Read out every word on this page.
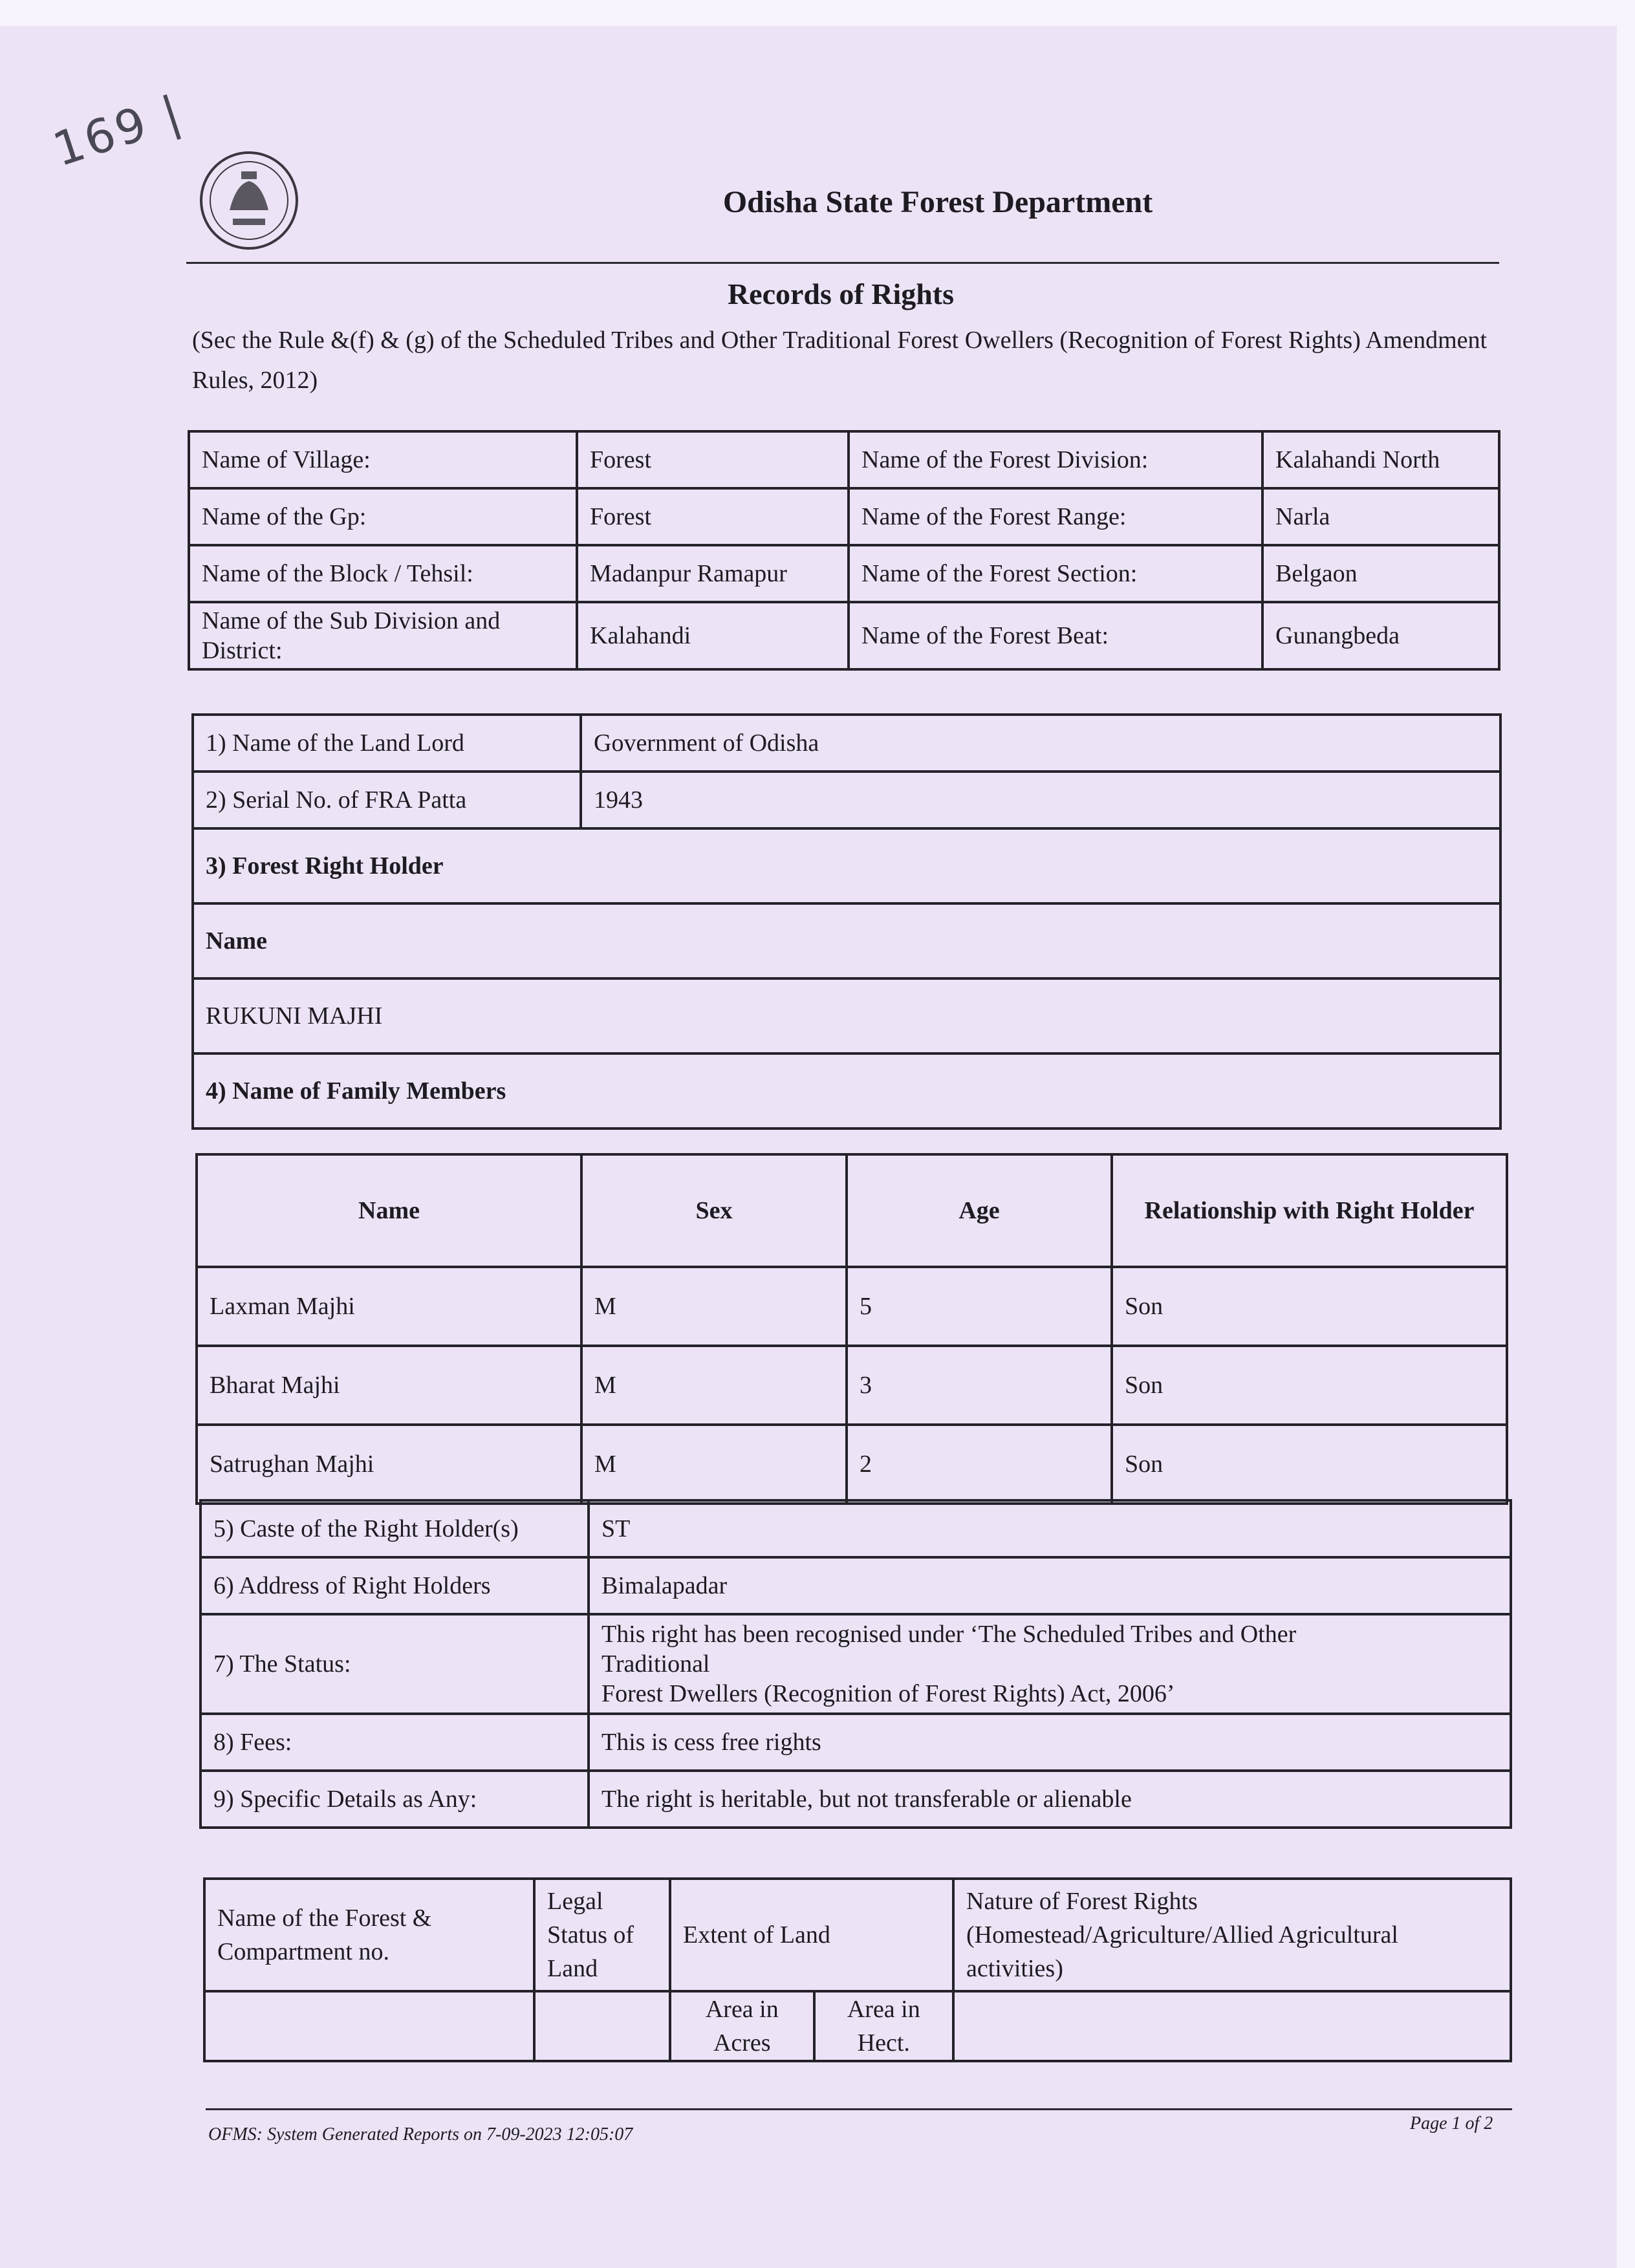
169 |
Odisha State Forest Department
Records of Rights
(Sec the Rule &(f) & (g) of the Scheduled Tribes and Other Traditional Forest Owellers (Recognition of Forest Rights) Amendment Rules, 2012)
Name of Village:	Forest	Name of the Forest Division:	Kalahandi North
Name of the Gp:	Forest	Name of the Forest Range:	Narla
Name of the Block / Tehsil:	Madanpur Ramapur	Name of the Forest Section:	Belgaon
Name of the Sub Division and District:	Kalahandi	Name of the Forest Beat:	Gunangbeda
1) Name of the Land Lord	Government of Odisha
2) Serial No. of FRA Patta	1943
3) Forest Right Holder	
Name	
RUKUNI MAJHI	
4) Name of Family Members	
Name	Sex	Age	Relationship with Right Holder
Laxman Majhi	M	5	Son
Bharat Majhi	M	3	Son
Satrughan Majhi	M	2	Son
5) Caste of the Right Holder(s)	ST
6) Address of Right Holders	Bimalapadar
7) The Status:	This right has been recognised under ‘The Scheduled Tribes and Other
Traditional
Forest Dwellers (Recognition of Forest Rights) Act, 2006’

8) Fees:	This is cess free rights
9) Specific Details as Any:	The right is heritable, but not transferable or alienable
Name of the Forest & Compartment no.	Legal Status of Land	Extent of Land		Nature of Forest Rights (Homestead/Agriculture/Allied Agricultural activities)
		Area in Acres	Area in Hect.	
OFMS: System Generated Reports on 7-09-2023 12:05:07
Page 1 of 2
